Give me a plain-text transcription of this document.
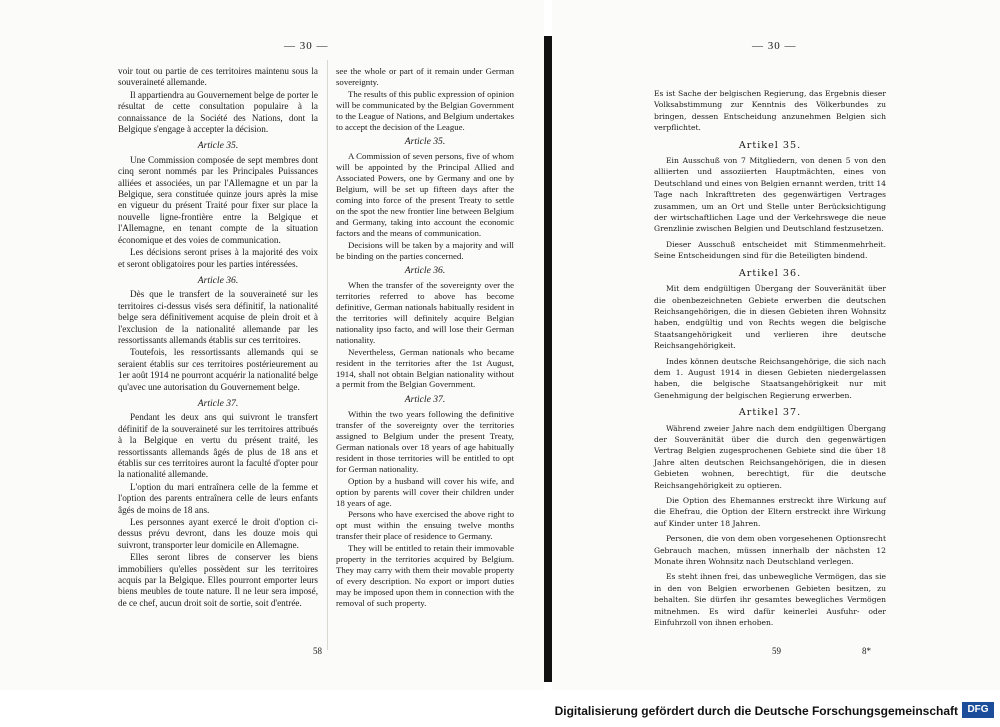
— 30 —	— 30 —

voir tout ou partie de ces territoires maintenu sous la souveraineté allemande.

Il appartiendra au Gouvernement belge de porter le résultat de cette consultation populaire à la connaissance de la Société des Nations, dont la Belgique s'engage à accepter la décision.

Article 35.

Une Commission composée de sept membres dont cinq seront nommés par les Principales Puissances alliées et associées, un par l'Allemagne et un par la Belgique, sera constituée quinze jours après la mise en vigueur du présent Traité pour fixer sur place la nouvelle ligne-frontière entre la Belgique et l'Allemagne, en tenant compte de la situation économique et des voies de communication.

Les décisions seront prises à la majorité des voix et seront obligatoires pour les parties intéressées.

Article 36.

Dès que le transfert de la souveraineté sur les territoires ci-dessus visés sera définitif, la nationalité belge sera définitivement acquise de plein droit et à l'exclusion de la nationalité allemande par les ressortissants allemands établis sur ces territoires.

Toutefois, les ressortissants allemands qui se seraient établis sur ces territoires postérieurement au 1er août 1914 ne pourront acquérir la nationalité belge qu'avec une autorisation du Gouvernement belge.

Article 37.

Pendant les deux ans qui suivront le transfert définitif de la souveraineté sur les territoires attribués à la Belgique en vertu du présent traité, les ressortissants allemands âgés de plus de 18 ans et établis sur ces territoires auront la faculté d'opter pour la nationalité allemande.

L'option du mari entraînera celle de la femme et l'option des parents entraînera celle de leurs enfants âgés de moins de 18 ans.

Les personnes ayant exercé le droit d'option ci-dessus prévu devront, dans les douze mois qui suivront, transporter leur domicile en Allemagne.

Elles seront libres de conserver les biens immobiliers qu'elles possèdent sur les territoires acquis par la Belgique. Elles pourront emporter leurs biens meubles de toute nature. Il ne leur sera imposé, de ce chef, aucun droit soit de sortie, soit d'entrée.

see the whole or part of it remain under German sovereignty.

The results of this public expression of opinion will be communicated by the Belgian Government to the League of Nations, and Belgium undertakes to accept the decision of the League.

Article 35.

A Commission of seven persons, five of whom will be appointed by the Principal Allied and Associated Powers, one by Germany and one by Belgium, will be set up fifteen days after the coming into force of the present Treaty to settle on the spot the new frontier line between Belgium and Germany, taking into account the economic factors and the means of communication.

Decisions will be taken by a majority and will be binding on the parties concerned.

Article 36.

When the transfer of the sovereignty over the territories referred to above has become definitive, German nationals habitually resident in the territories will definitely acquire Belgian nationality ipso facto, and will lose their German nationality.

Nevertheless, German nationals who became resident in the territories after the 1st August, 1914, shall not obtain Belgian nationality without a permit from the Belgian Government.

Article 37.

Within the two years following the definitive transfer of the sovereignty over the territories assigned to Belgium under the present Treaty, German nationals over 18 years of age habitually resident in those territories will be entitled to opt for German nationality.

Option by a husband will cover his wife, and option by parents will cover their children under 18 years of age.

Persons who have exercised the above right to opt must within the ensuing twelve months transfer their place of residence to Germany.

They will be entitled to retain their immovable property in the territories acquired by Belgium. They may carry with them their movable property of every description. No export or import duties may be imposed upon them in connection with the removal of such property.

Es ist Sache der belgischen Regierung, das Ergebnis dieser Volksabstimmung zur Kenntnis des Völkerbundes zu bringen, dessen Entscheidung anzunehmen Belgien sich verpflichtet.

Artikel 35.

Ein Ausschuß von 7 Mitgliedern, von denen 5 von den alliierten und assoziierten Hauptmächten, eines von Deutschland und eines von Belgien ernannt werden, tritt 14 Tage nach Inkrafttreten des gegenwärtigen Vertrages zusammen, um an Ort und Stelle unter Berücksichtigung der wirtschaftlichen Lage und der Verkehrswege die neue Grenzlinie zwischen Belgien und Deutschland festzusetzen.

Dieser Ausschuß entscheidet mit Stimmenmehrheit. Seine Entscheidungen sind für die Beteiligten bindend.

Artikel 36.

Mit dem endgültigen Übergang der Souveränität über die obenbezeichneten Gebiete erwerben die deutschen Reichsangehörigen, die in diesen Gebieten ihren Wohnsitz haben, endgültig und von Rechts wegen die belgische Staatsangehörigkeit und verlieren ihre deutsche Reichsangehörigkeit.

Indes können deutsche Reichsangehörige, die sich nach dem 1. August 1914 in diesen Gebieten niedergelassen haben, die belgische Staatsangehörigkeit nur mit Genehmigung der belgischen Regierung erwerben.

Artikel 37.

Während zweier Jahre nach dem endgültigen Übergang der Souveränität über die durch den gegenwärtigen Vertrag Belgien zugesprochenen Gebiete sind die über 18 Jahre alten deutschen Reichsangehörigen, die in diesen Gebieten wohnen, berechtigt, für die deutsche Reichsangehörigkeit zu optieren.

Die Option des Ehemannes erstreckt ihre Wirkung auf die Ehefrau, die Option der Eltern erstreckt ihre Wirkung auf Kinder unter 18 Jahren.

Personen, die von dem oben vorgesehenen Optionsrecht Gebrauch machen, müssen innerhalb der nächsten 12 Monate ihren Wohnsitz nach Deutschland verlegen.

Es steht ihnen frei, das unbewegliche Vermögen, das sie in den von Belgien erworbenen Gebieten besitzen, zu behalten. Sie dürfen ihr gesamtes bewegliches Vermögen mitnehmen. Es wird dafür keinerlei Ausfuhr- oder Einfuhrzoll von ihnen erhoben.

58	59	8*
Digitalisierung gefördert durch die Deutsche Forschungsgemeinschaft DFG
